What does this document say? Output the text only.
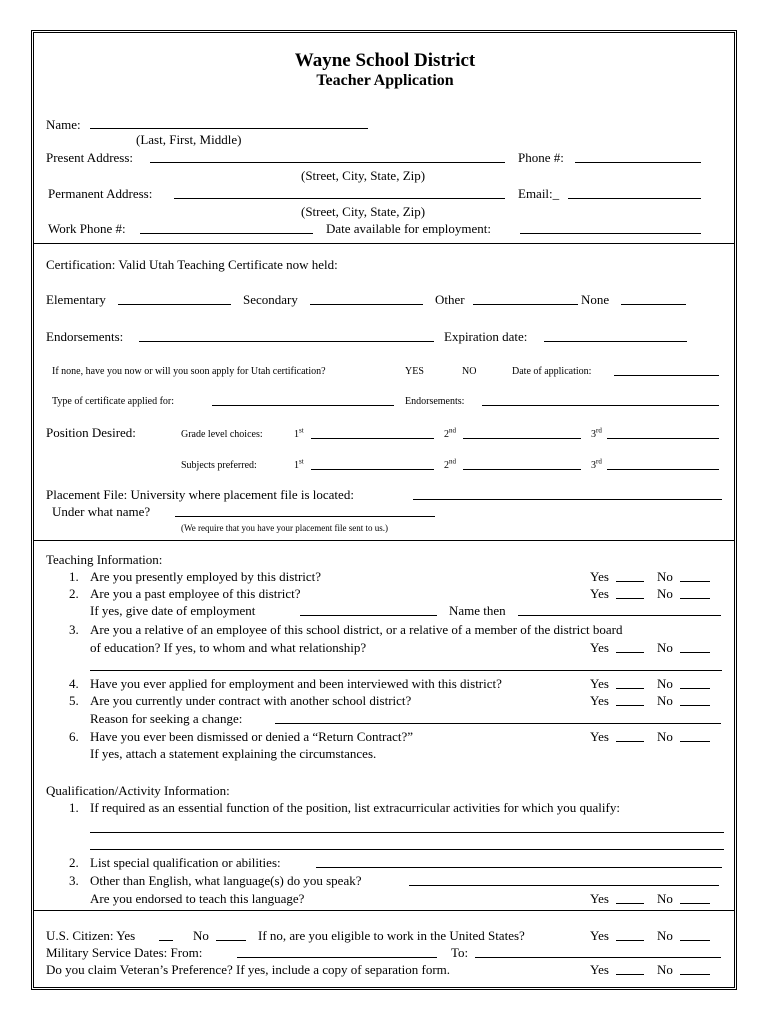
Wayne School District
Teacher Application
Name:
(Last, First, Middle)
Present Address:	Phone #:
(Street, City, State, Zip)
Permanent Address:	Email:_
(Street, City, State, Zip)
Work Phone #:	Date available for employment:
Certification: Valid Utah Teaching Certificate now held:
Elementary	Secondary	Other	None
Endorsements:	Expiration date:
If none, have you now or will you soon apply for Utah certification?	YES	NO	Date of application:
Type of certificate applied for:	Endorsements:
Position Desired:	Grade level choices:	1st	2nd	3rd
Subjects preferred:	1st	2nd	3rd
Placement File: University where placement file is located:
Under what name?
(We require that you have your placement file sent to us.)
Teaching Information:
1. Are you presently employed by this district?	Yes	No
2. Are you a past employee of this district?	Yes	No
If yes, give date of employment	Name then
3. Are you a relative of an employee of this school district, or a relative of a member of the district board
of education? If yes, to whom and what relationship?	Yes	No
4. Have you ever applied for employment and been interviewed with this district?	Yes	No
5. Are you currently under contract with another school district?	Yes	No
Reason for seeking a change:
6. Have you ever been dismissed or denied a “Return Contract?”	Yes	No
If yes, attach a statement explaining the circumstances.
Qualification/Activity Information:
1. If required as an essential function of the position, list extracurricular activities for which you qualify:
2. List special qualification or abilities:
3. Other than English, what language(s) do you speak?
Are you endorsed to teach this language?	Yes	No
U.S. Citizen: Yes	No	If no, are you eligible to work in the United States?	Yes	No
Military Service Dates: From:	To:
Do you claim Veteran’s Preference? If yes, include a copy of separation form.	Yes	No
